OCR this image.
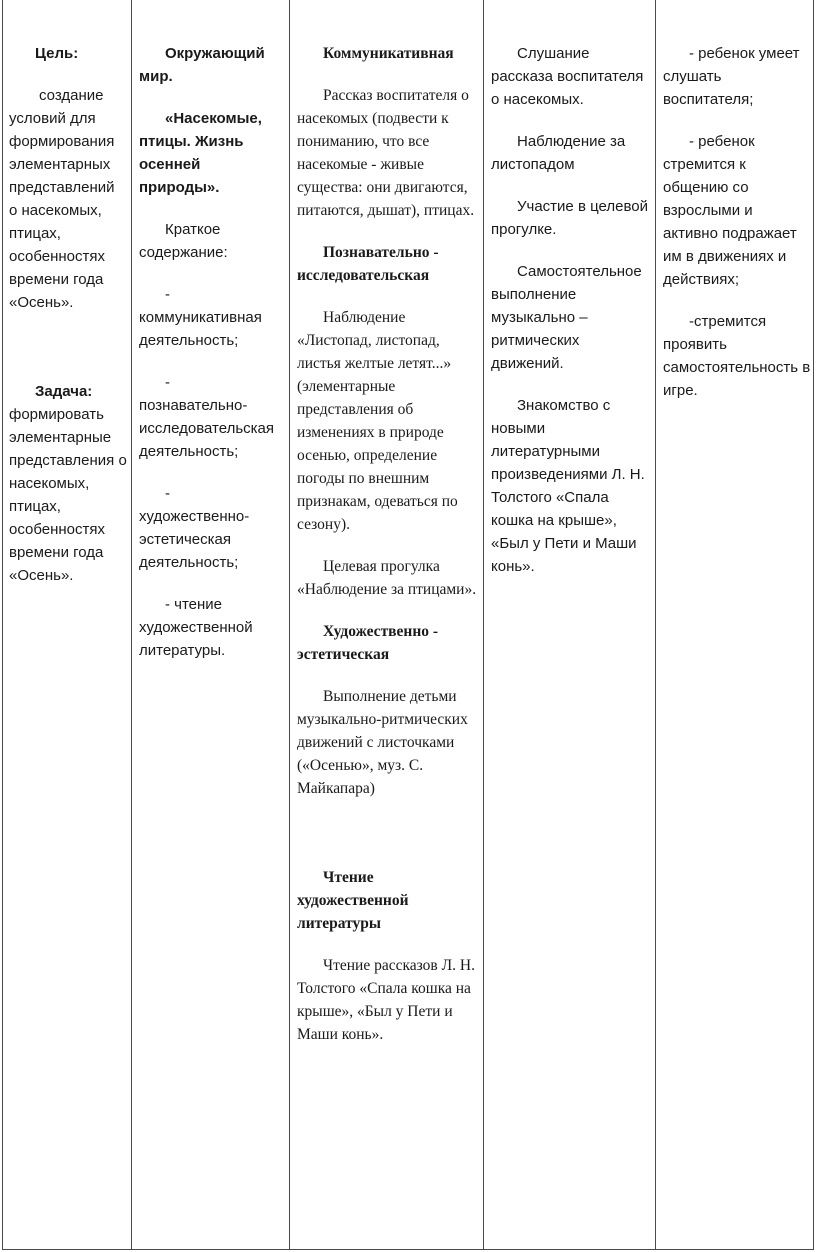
Цель:

создание условий для формирования элементарных представлений о насекомых, птицах, особенностях времени года «Осень».

Задача:

формировать элементарные представления о насекомых, птицах, особенностях времени года «Осень».

Окружающий мир.

«Насекомые, птицы. Жизнь осенней природы».

Краткое содержание:

- коммуникативная деятельность;

- познавательно-исследовательская деятельность;

- художественно-эстетическая деятельность;

- чтение художественной литературы.

Коммуникативная

Рассказ воспитателя о насекомых (подвести к пониманию, что все насекомые - живые существа: они двигаются, питаются, дышат), птицах.

Познавательно - исследовательская

Наблюдение «Листопад, листопад, листья желтые летят...» (элементарные представления об изменениях в природе осенью, определение погоды по внешним признакам, одеваться по сезону).

Целевая прогулка «Наблюдение за птицами».

Художественно - эстетическая

Выполнение детьми музыкально-ритмических движений с листочками («Осенью», муз. С. Майкапара)

Чтение художественной литературы

Чтение рассказов Л. Н. Толстого «Спала кошка на крыше», «Был у Пети и Маши конь».

Слушание рассказа воспитателя о насекомых.

Наблюдение за листопадом

Участие в целевой прогулке.

Самостоятельное выполнение музыкально – ритмических движений.

Знакомство с новыми литературными произведениями Л. Н. Толстого «Спала кошка на крыше», «Был у Пети и Маши конь».

- ребенок умеет слушать воспитателя;

- ребенок стремится к общению со взрослыми и активно подражает им в движениях и действиях;

-стремится проявить самостоятельность в игре.
